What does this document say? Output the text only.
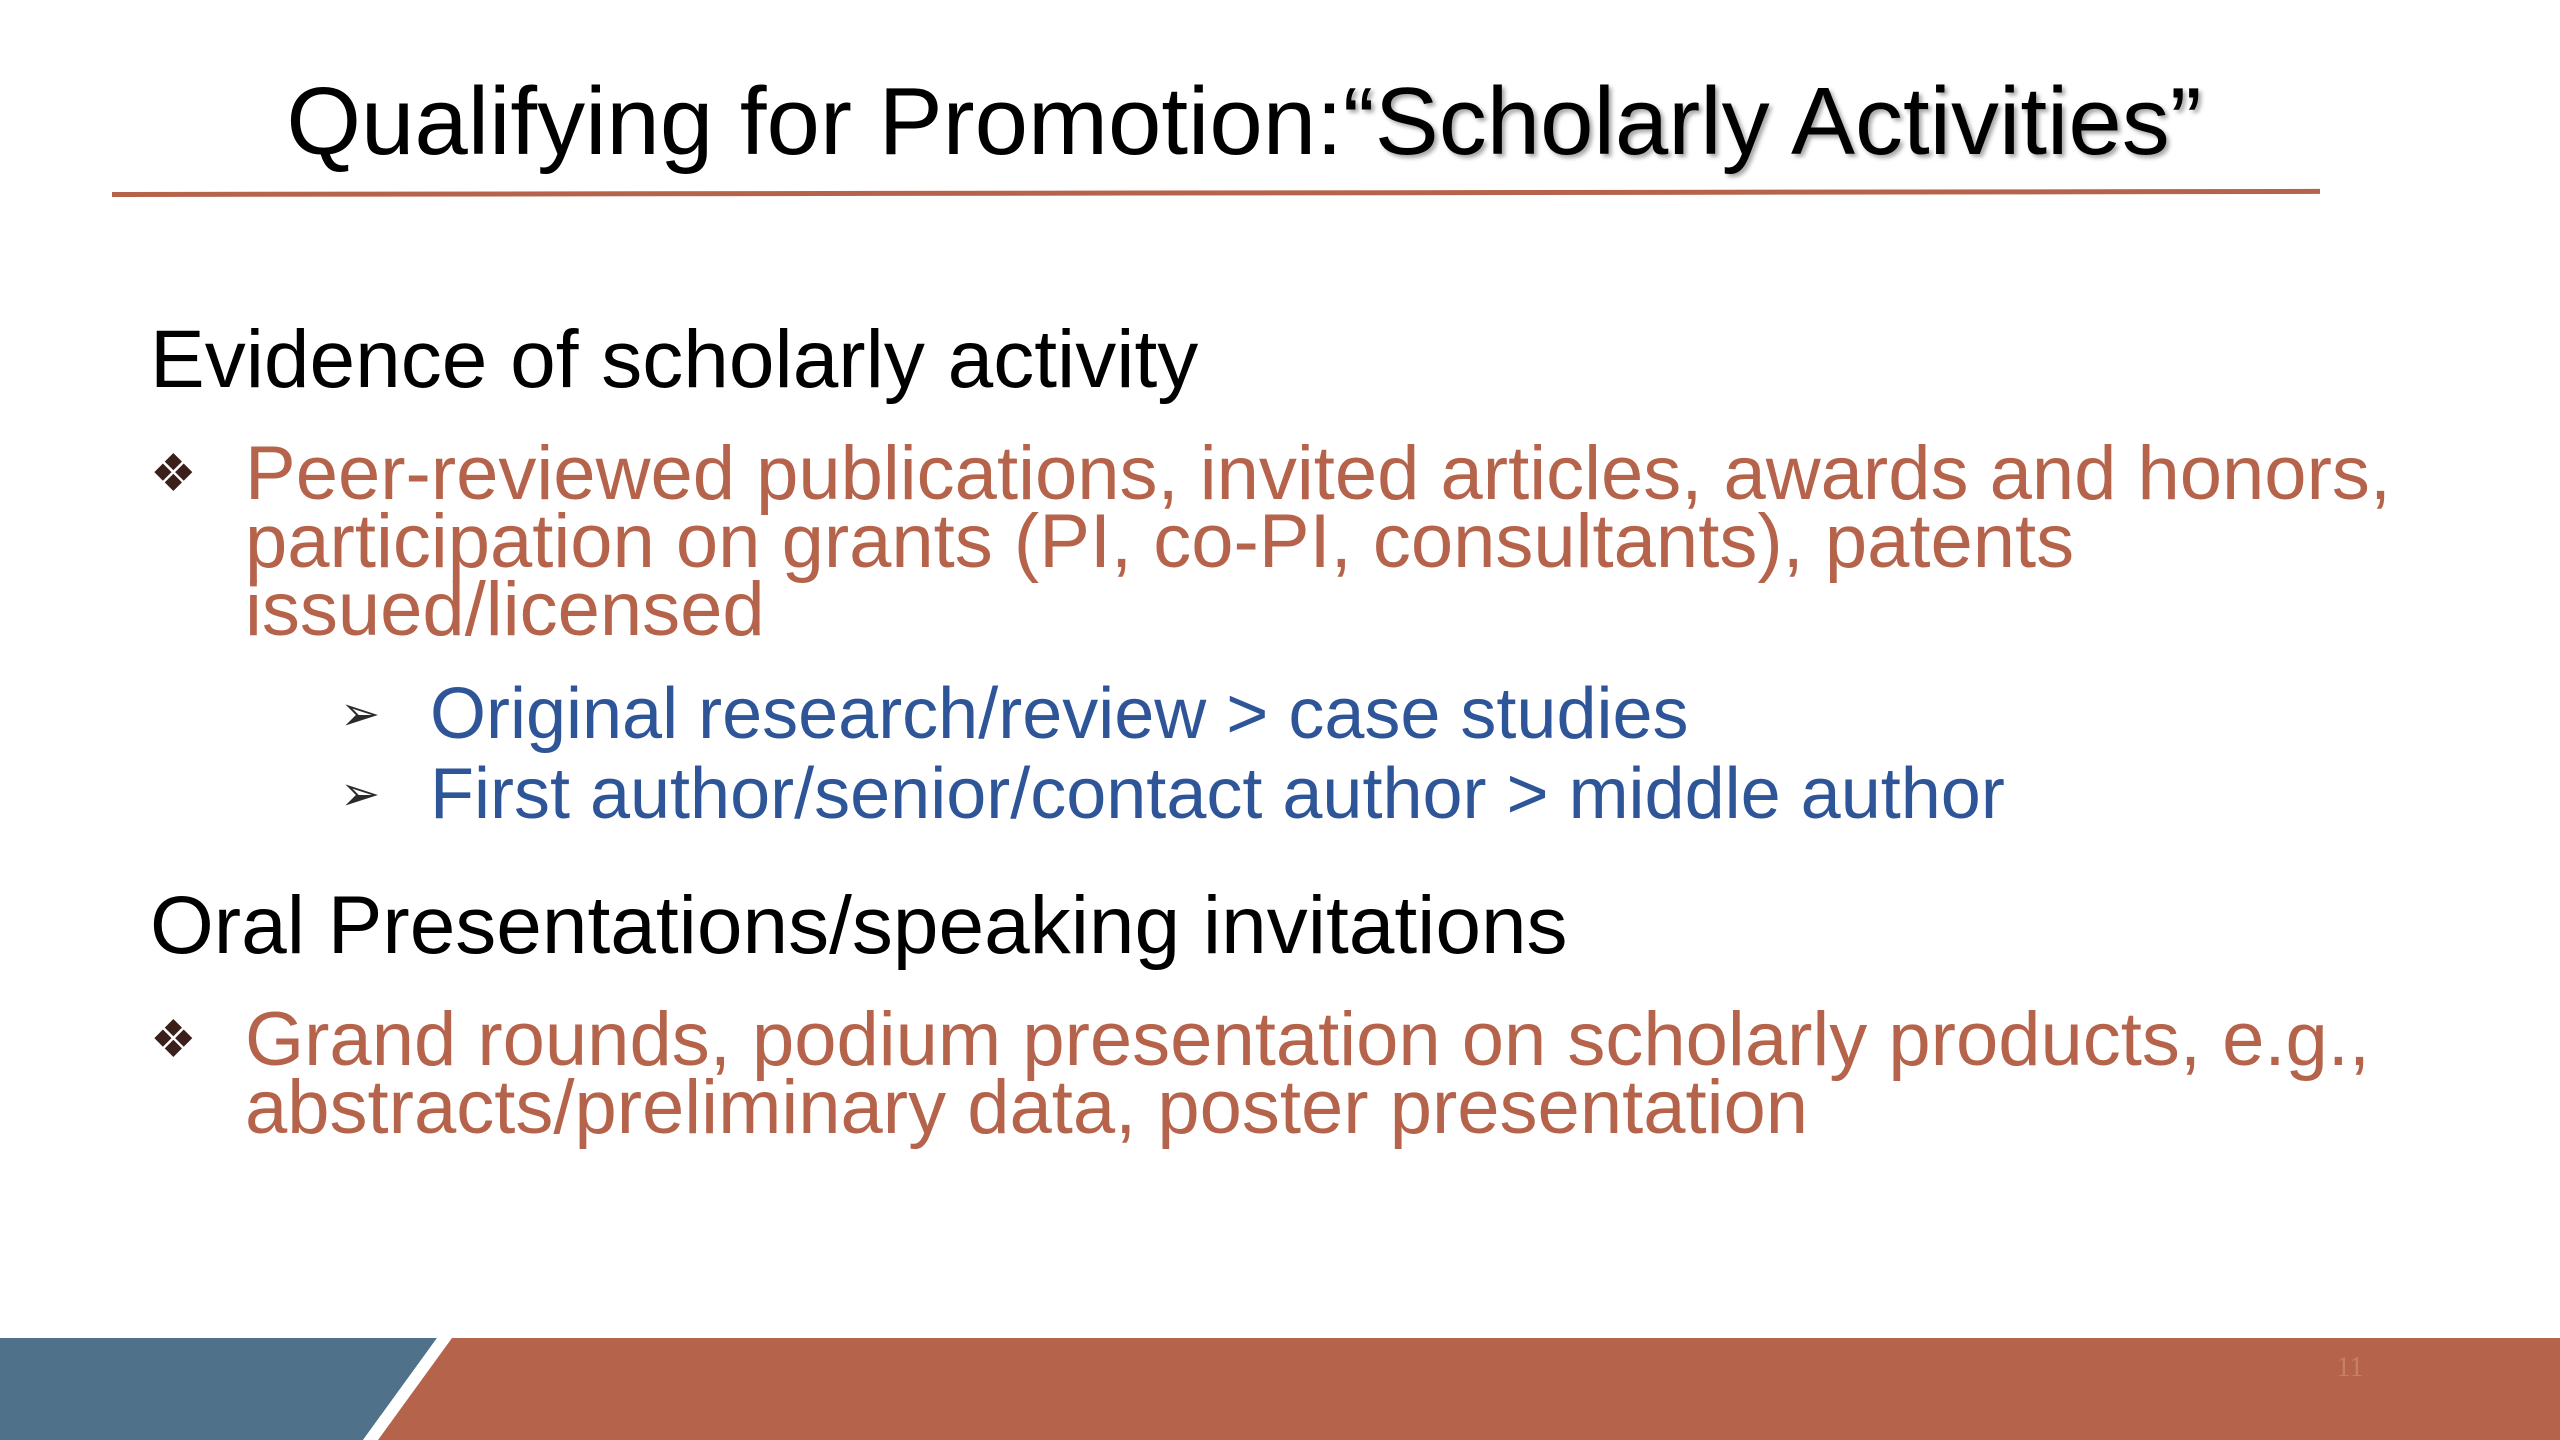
Qualifying for Promotion:“Scholarly Activities”
Evidence of scholarly activity
❖ Peer-reviewed publications, invited articles, awards and honors, participation on grants (PI, co-PI, consultants), patents issued/licensed
➢ Original research/review > case studies
➢ First author/senior/contact author > middle author
Oral Presentations/speaking invitations
❖ Grand rounds, podium presentation on scholarly products, e.g., abstracts/preliminary data, poster presentation
11
